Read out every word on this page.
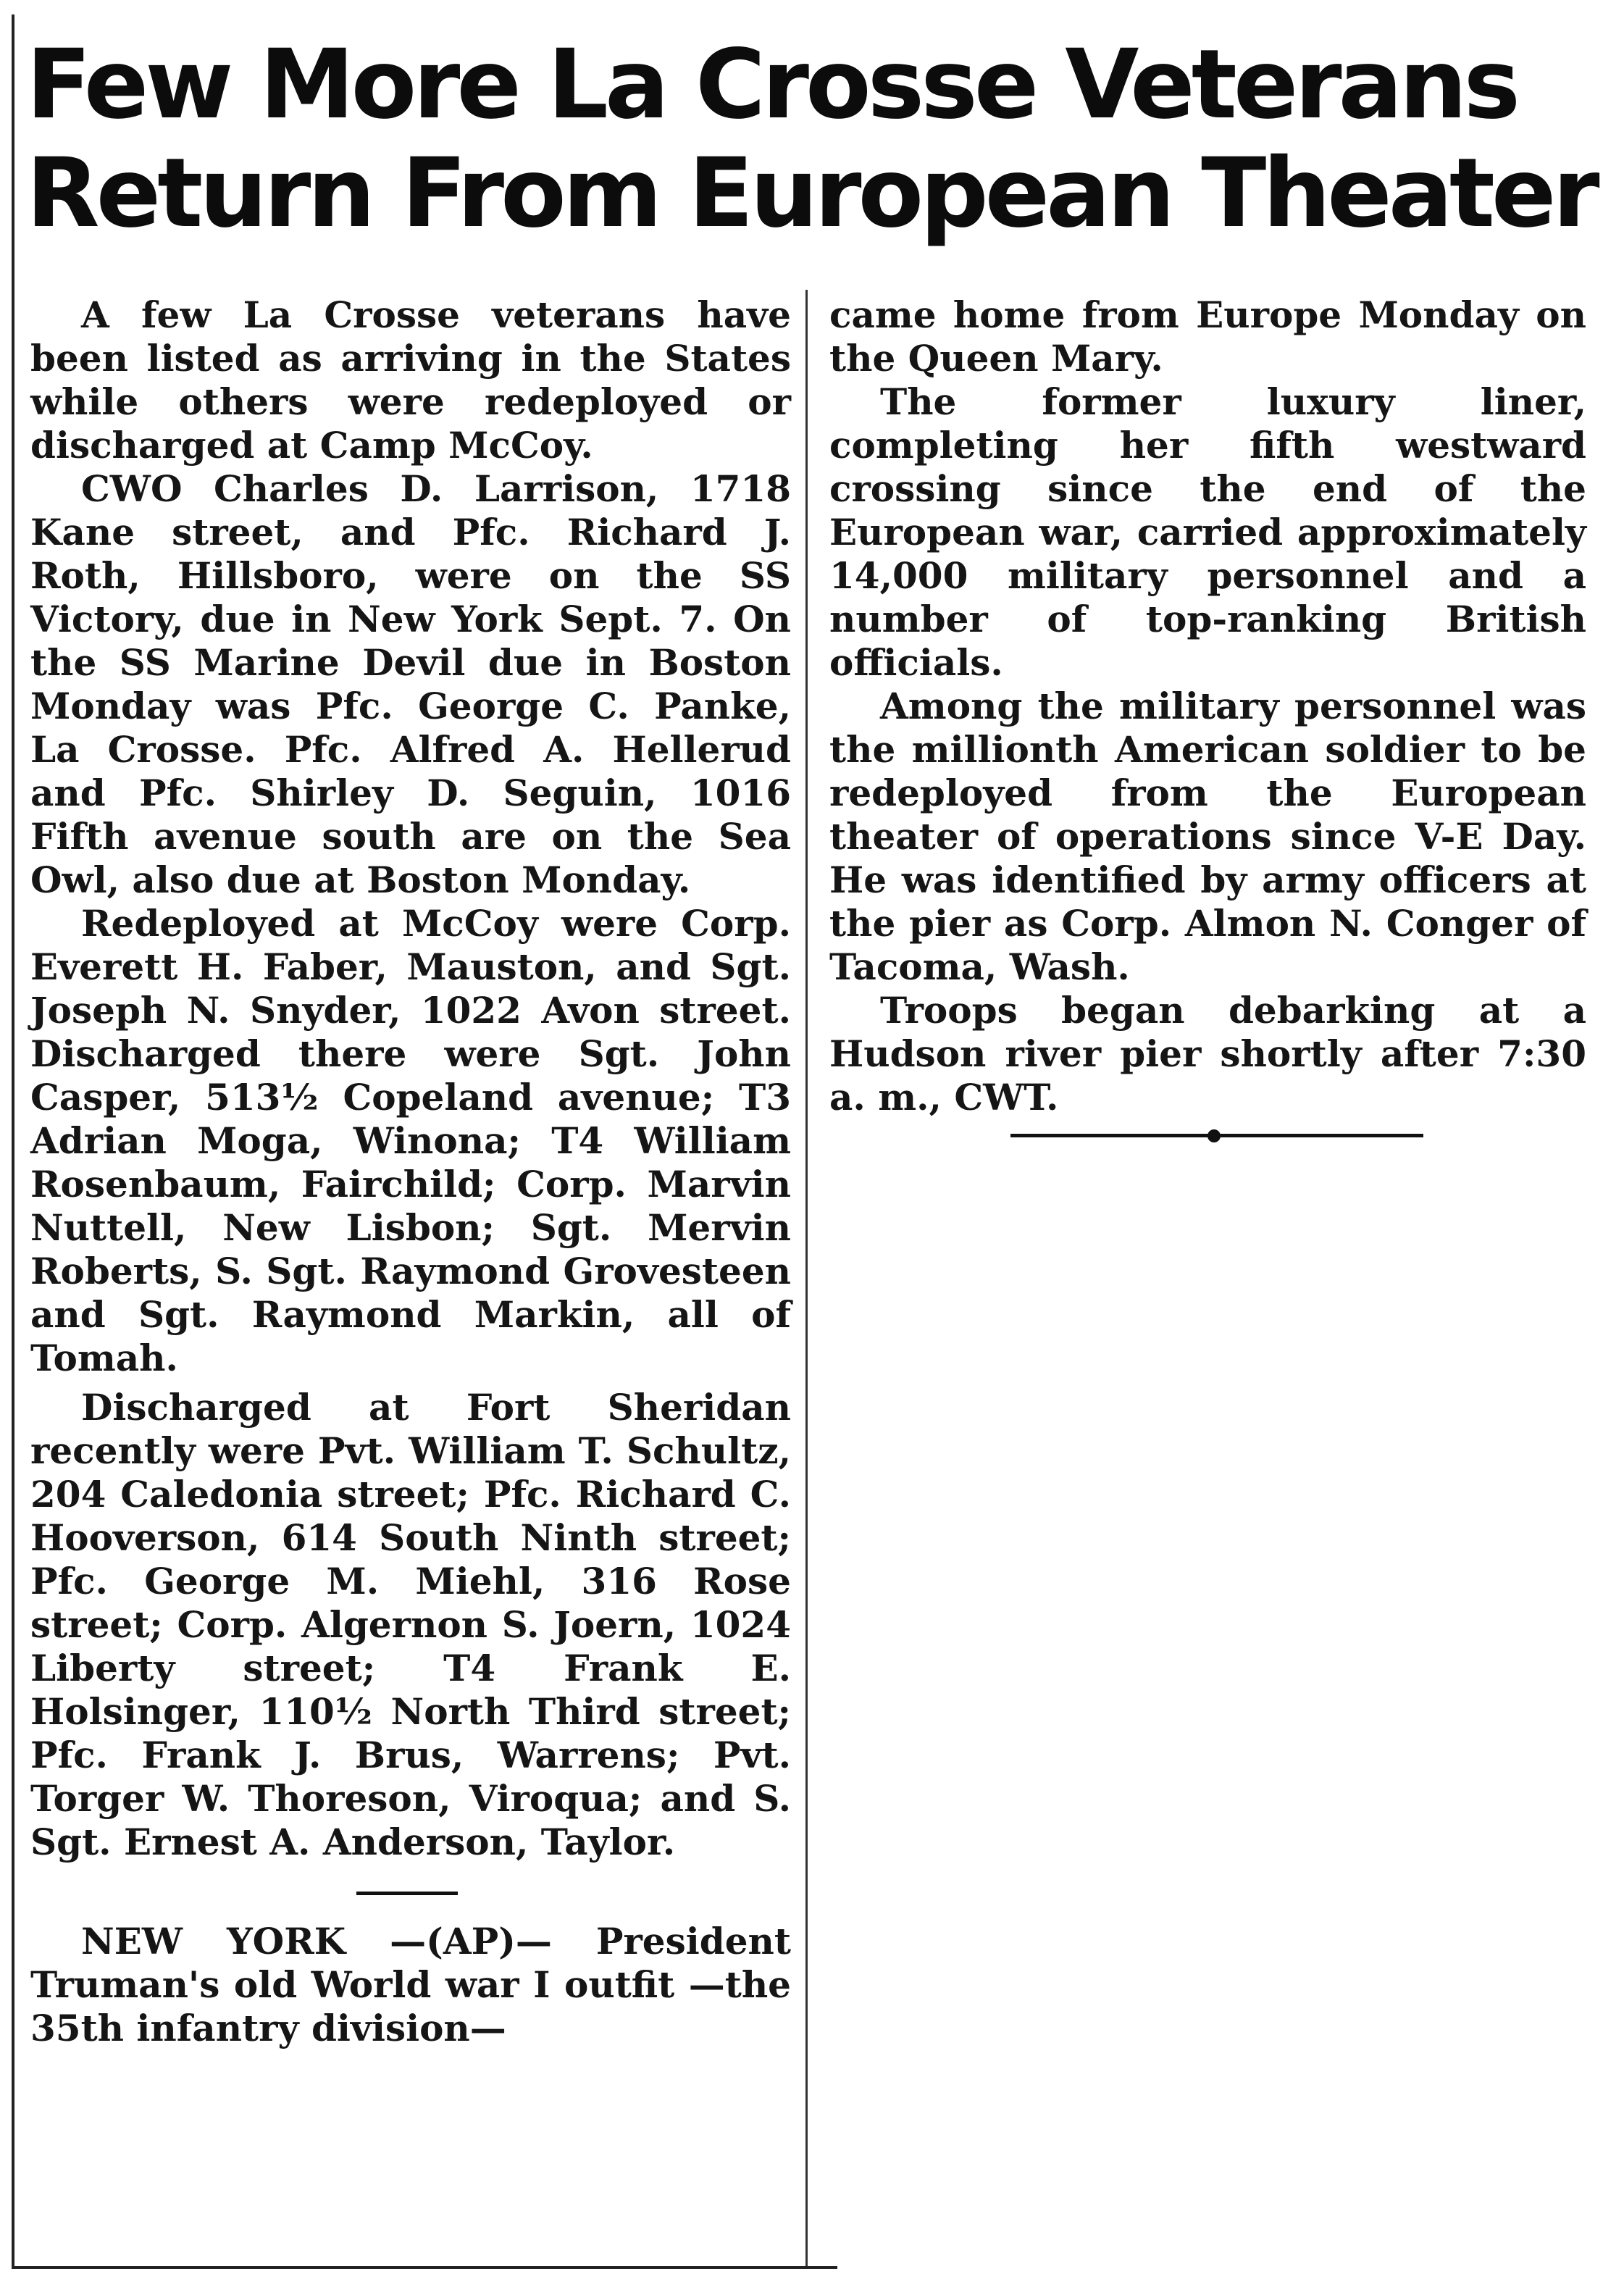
Few More La Crosse Veterans
Return From European Theater

A few La Crosse veterans have been listed as arriving in the States while others were redeployed or discharged at Camp McCoy.

CWO Charles D. Larrison, 1718 Kane street, and Pfc. Richard J. Roth, Hillsboro, were on the SS Victory, due in New York Sept. 7. On the SS Marine Devil due in Boston Monday was Pfc. George C. Panke, La Crosse. Pfc. Alfred A. Hellerud and Pfc. Shirley D. Seguin, 1016 Fifth avenue south are on the Sea Owl, also due at Boston Monday.

Redeployed at McCoy were Corp. Everett H. Faber, Mauston, and Sgt. Joseph N. Snyder, 1022 Avon street. Discharged there were Sgt. John Casper, 513½ Copeland avenue; T3 Adrian Moga, Winona; T4 William Rosenbaum, Fairchild; Corp. Marvin Nuttell, New Lisbon; Sgt. Mervin Roberts, S. Sgt. Raymond Grovesteen and Sgt. Raymond Markin, all of Tomah.

Discharged at Fort Sheridan recently were Pvt. William T. Schultz, 204 Caledonia street; Pfc. Richard C. Hooverson, 614 South Ninth street; Pfc. George M. Miehl, 316 Rose street; Corp. Algernon S. Joern, 1024 Liberty street; T4 Frank E. Holsinger, 110½ North Third street; Pfc. Frank J. Brus, Warrens; Pvt. Torger W. Thoreson, Viroqua; and S. Sgt. Ernest A. Anderson, Taylor.

NEW YORK —(AP)— President Truman's old World war I outfit —the 35th infantry division—

came home from Europe Monday on the Queen Mary.

The former luxury liner, completing her fifth westward crossing since the end of the European war, carried approximately 14,000 military personnel and a number of top-ranking British officials.

Among the military personnel was the millionth American soldier to be redeployed from the European theater of operations since V-E Day. He was identified by army officers at the pier as Corp. Almon N. Conger of Tacoma, Wash.

Troops began debarking at a Hudson river pier shortly after 7:30 a. m., CWT.
